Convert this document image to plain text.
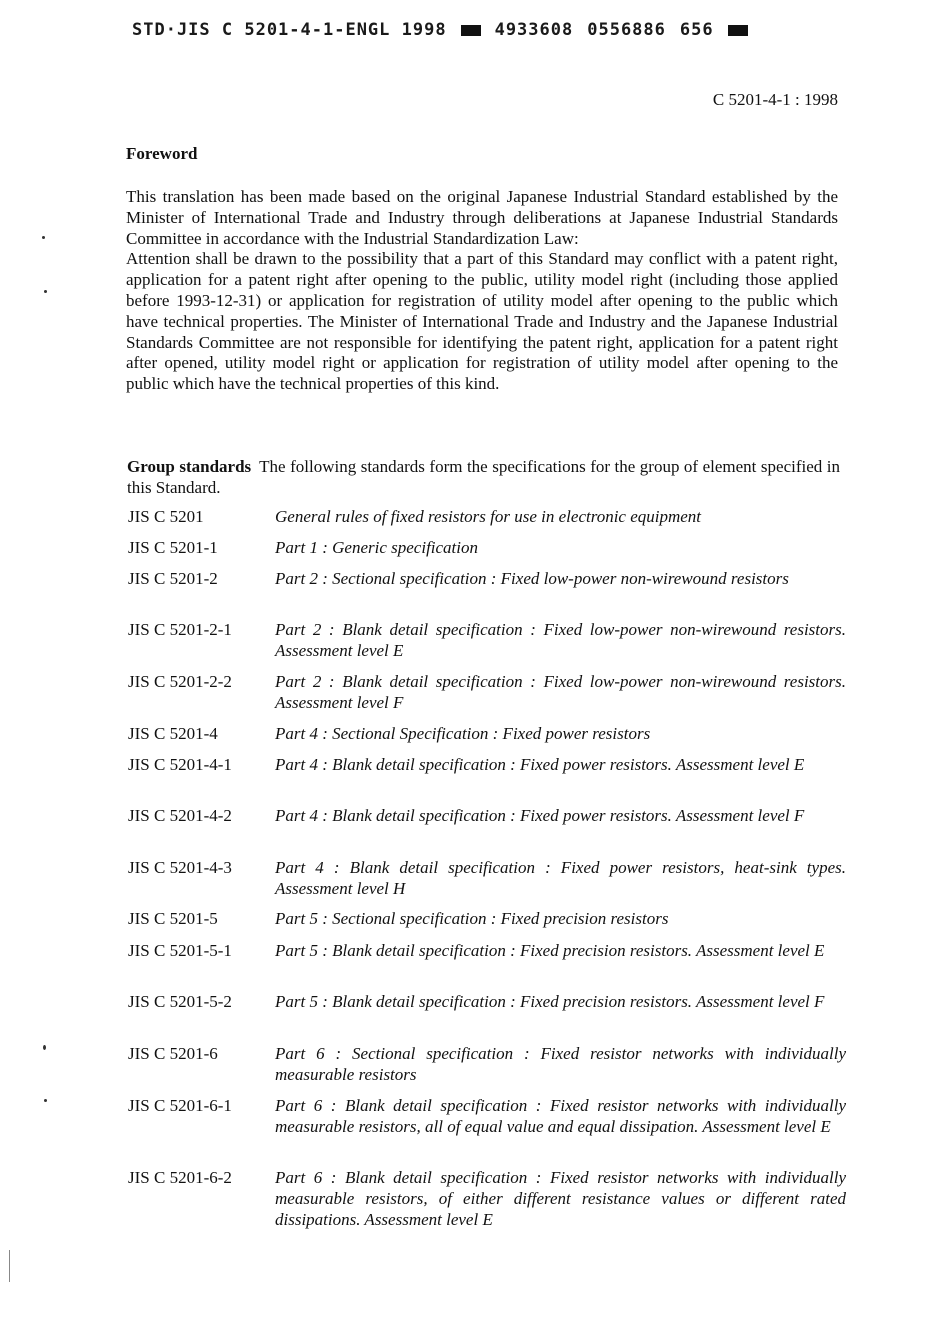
STD·JIS C 5201-4-1-ENGL 1998	4933608 0556886 656
C 5201-4-1 : 1998
Foreword

This translation has been made based on the original Japanese Industrial Standard established by the Minister of International Trade and Industry through deliberations at Japanese Industrial Standards Committee in accordance with the Industrial Standardization Law:

Attention shall be drawn to the possibility that a part of this Standard may conflict with a patent right, application for a patent right after opening to the public, utility model right (including those applied before 1993-12-31) or application for registration of utility model after opening to the public which have technical properties. The Minister of International Trade and Industry and the Japanese Industrial Standards Committee are not responsible for identifying the patent right, application for a patent right after opened, utility model right or application for registration of utility model after opening to the public which have the technical properties of this kind.

Group standards The following standards form the specifications for the group of element specified in this Standard.
JIS C 5201	General rules of fixed resistors for use in electronic equipment
JIS C 5201-1	Part 1 : Generic specification
JIS C 5201-2	Part 2 : Sectional specification : Fixed low-power non-wirewound resistors
JIS C 5201-2-1	Part 2 : Blank detail specification : Fixed low-power non-wirewound resistors. Assessment level E
JIS C 5201-2-2	Part 2 : Blank detail specification : Fixed low-power non-wirewound resistors. Assessment level F
JIS C 5201-4	Part 4 : Sectional Specification : Fixed power resistors
JIS C 5201-4-1	Part 4 : Blank detail specification : Fixed power resistors. Assessment level E
JIS C 5201-4-2	Part 4 : Blank detail specification : Fixed power resistors. Assessment level F
JIS C 5201-4-3	Part 4 : Blank detail specification : Fixed power resistors, heat-sink types. Assessment level H
JIS C 5201-5	Part 5 : Sectional specification : Fixed precision resistors
JIS C 5201-5-1	Part 5 : Blank detail specification : Fixed precision resistors. Assessment level E
JIS C 5201-5-2	Part 5 : Blank detail specification : Fixed precision resistors. Assessment level F
JIS C 5201-6	Part 6 : Sectional specification : Fixed resistor networks with individually measurable resistors
JIS C 5201-6-1	Part 6 : Blank detail specification : Fixed resistor networks with individually measurable resistors, all of equal value and equal dissipation. Assessment level E
JIS C 5201-6-2	Part 6 : Blank detail specification : Fixed resistor networks with individually measurable resistors, of either different resistance values or different rated dissipations. Assessment level E
